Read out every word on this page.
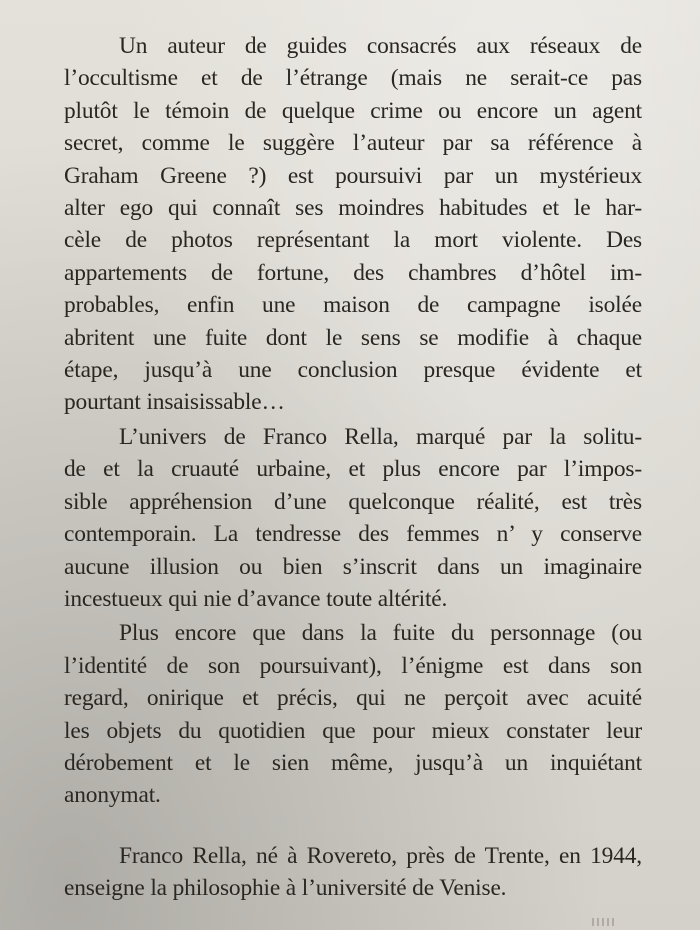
Un auteur de guides consacrés aux réseaux de
l’occultisme et de l’étrange (mais ne serait-ce pas
plutôt le témoin de quelque crime ou encore un agent
secret, comme le suggère l’auteur par sa référence à
Graham Greene ?) est poursuivi par un mystérieux
alter ego qui connaît ses moindres habitudes et le har-
cèle de photos représentant la mort violente. Des
appartements de fortune, des chambres d’hôtel im-
probables, enfin une maison de campagne isolée
abritent une fuite dont le sens se modifie à chaque
étape, jusqu’à une conclusion presque évidente et
pourtant insaisissable…

L’univers de Franco Rella, marqué par la solitu-
de et la cruauté urbaine, et plus encore par l’impos-
sible appréhension d’une quelconque réalité, est très
contemporain. La tendresse des femmes n’ y conserve
aucune illusion ou bien s’inscrit dans un imaginaire
incestueux qui nie d’avance toute altérité.

Plus encore que dans la fuite du personnage (ou
l’identité de son poursuivant), l’énigme est dans son
regard, onirique et précis, qui ne perçoit avec acuité
les objets du quotidien que pour mieux constater leur
dérobement et le sien même, jusqu’à un inquiétant
anonymat.

Franco Rella, né à Rovereto, près de Trente, en 1944,
enseigne la philosophie à l’université de Venise.
